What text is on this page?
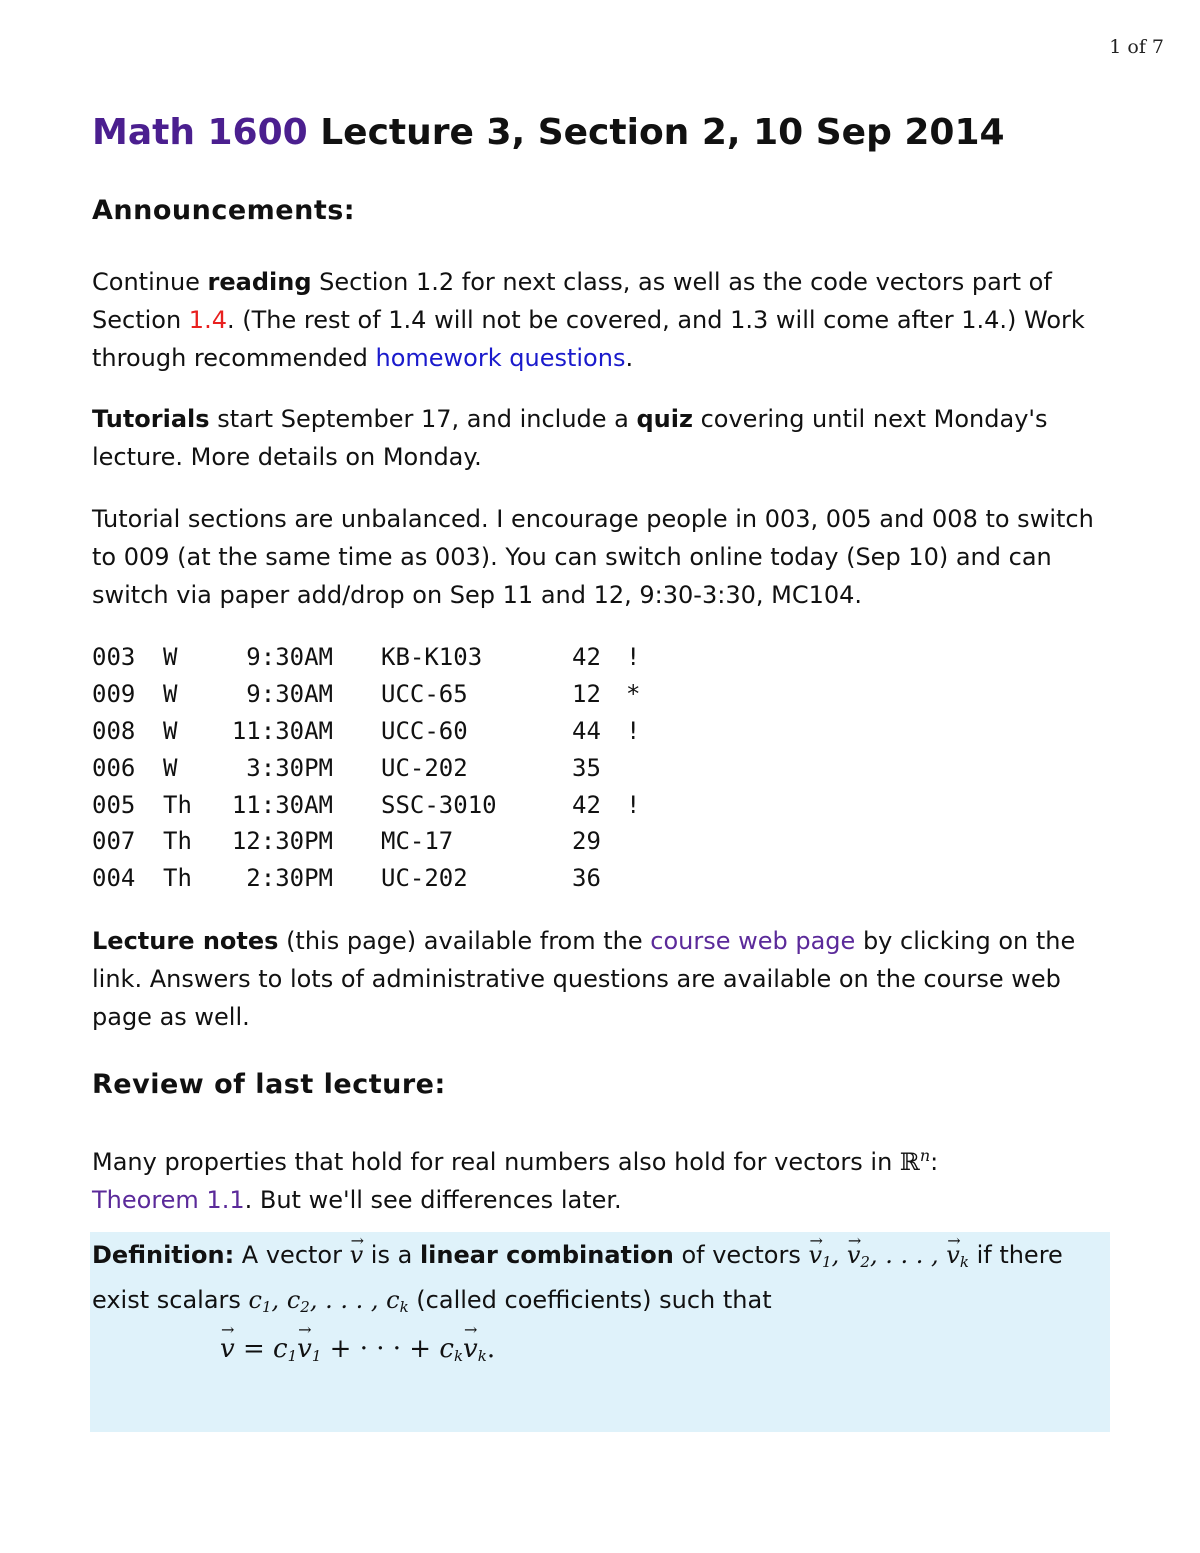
1 of 7
Math 1600 Lecture 3, Section 2, 10 Sep 2014
Announcements:

Continue reading Section 1.2 for next class, as well as the code vectors part of Section 1.4. (The rest of 1.4 will not be covered, and 1.3 will come after 1.4.) Work through recommended homework questions.

Tutorials start September 17, and include a quiz covering until next Monday's lecture. More details on Monday.

Tutorial sections are unbalanced. I encourage people in 003, 005 and 008 to switch to 009 (at the same time as 003). You can switch online today (Sep 10) and can switch via paper add/drop on Sep 11 and 12, 9:30-3:30, MC104.

003	W	9:30AM	KB-K103	42	!
009	W	9:30AM	UCC-65	12	*
008	W	11:30AM	UCC-60	44	!
006	W	3:30PM	UC-202	35	
005	Th	11:30AM	SSC-3010	42	!
007	Th	12:30PM	MC-17	29	
004	Th	2:30PM	UC-202	36	

Lecture notes (this page) available from the course web page by clicking on the link. Answers to lots of administrative questions are available on the course web page as well.

Review of last lecture:

Many properties that hold for real numbers also hold for vectors in ℝ$^n$:
Theorem 1.1. But we'll see differences later.

Definition: A vector → v is a linear combination of vectors → $v_1$, → $v_2$, . . . , → $v_k$ if there exist scalars $c_1$, $c_2$, . . . , $c_k$ (called coefficients) such that

→ $v = c_1\to v_1$ + · · · + $c_k\to v_k$.
